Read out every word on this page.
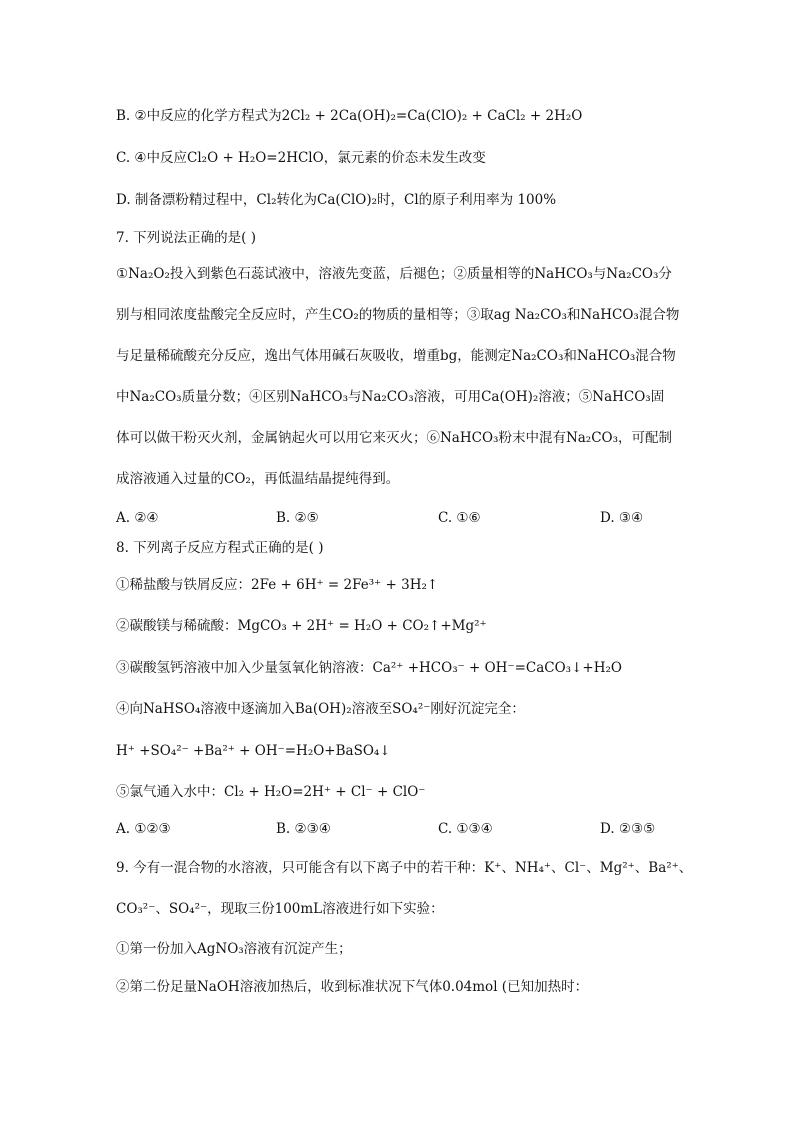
B. ②中反应的化学方程式为2Cl₂ + 2Ca(OH)₂=Ca(ClO)₂ + CaCl₂ + 2H₂O
C. ④中反应Cl₂O + H₂O=2HClO，氯元素的价态未发生改变
D. 制备漂粉精过程中，Cl₂转化为Ca(ClO)₂时，Cl的原子利用率为 100%
7. 下列说法正确的是( )
①Na₂O₂投入到紫色石蕊试液中，溶液先变蓝，后褪色；②质量相等的NaHCO₃与Na₂CO₃分
别与相同浓度盐酸完全反应时，产生CO₂的物质的量相等；③取ag Na₂CO₃和NaHCO₃混合物
与足量稀硫酸充分反应，逸出气体用碱石灰吸收，增重bg，能测定Na₂CO₃和NaHCO₃混合物
中Na₂CO₃质量分数；④区别NaHCO₃与Na₂CO₃溶液，可用Ca(OH)₂溶液；⑤NaHCO₃固
体可以做干粉灭火剂，金属钠起火可以用它来灭火；⑥NaHCO₃粉末中混有Na₂CO₃，可配制
成溶液通入过量的CO₂，再低温结晶提纯得到。
A. ②④	B. ②⑤	C. ①⑥	D. ③④
8. 下列离子反应方程式正确的是( )
①稀盐酸与铁屑反应：2Fe + 6H⁺ = 2Fe³⁺ + 3H₂↑
②碳酸镁与稀硫酸：MgCO₃ + 2H⁺ = H₂O + CO₂↑+Mg²⁺
③碳酸氢钙溶液中加入少量氢氧化钠溶液：Ca²⁺ +HCO₃⁻ + OH⁻=CaCO₃↓+H₂O
④向NaHSO₄溶液中逐滴加入Ba(OH)₂溶液至SO₄²⁻刚好沉淀完全：
H⁺ +SO₄²⁻ +Ba²⁺ + OH⁻=H₂O+BaSO₄↓
⑤氯气通入水中：Cl₂ + H₂O=2H⁺ + Cl⁻ + ClO⁻
A. ①②③	B. ②③④	C. ①③④	D. ②③⑤
9. 今有一混合物的水溶液，只可能含有以下离子中的若干种：K⁺、NH₄⁺、Cl⁻、Mg²⁺、Ba²⁺、
CO₃²⁻、SO₄²⁻，现取三份100mL溶液进行如下实验：
①第一份加入AgNO₃溶液有沉淀产生；
②第二份足量NaOH溶液加热后，收到标准状况下气体0.04mol (已知加热时：
